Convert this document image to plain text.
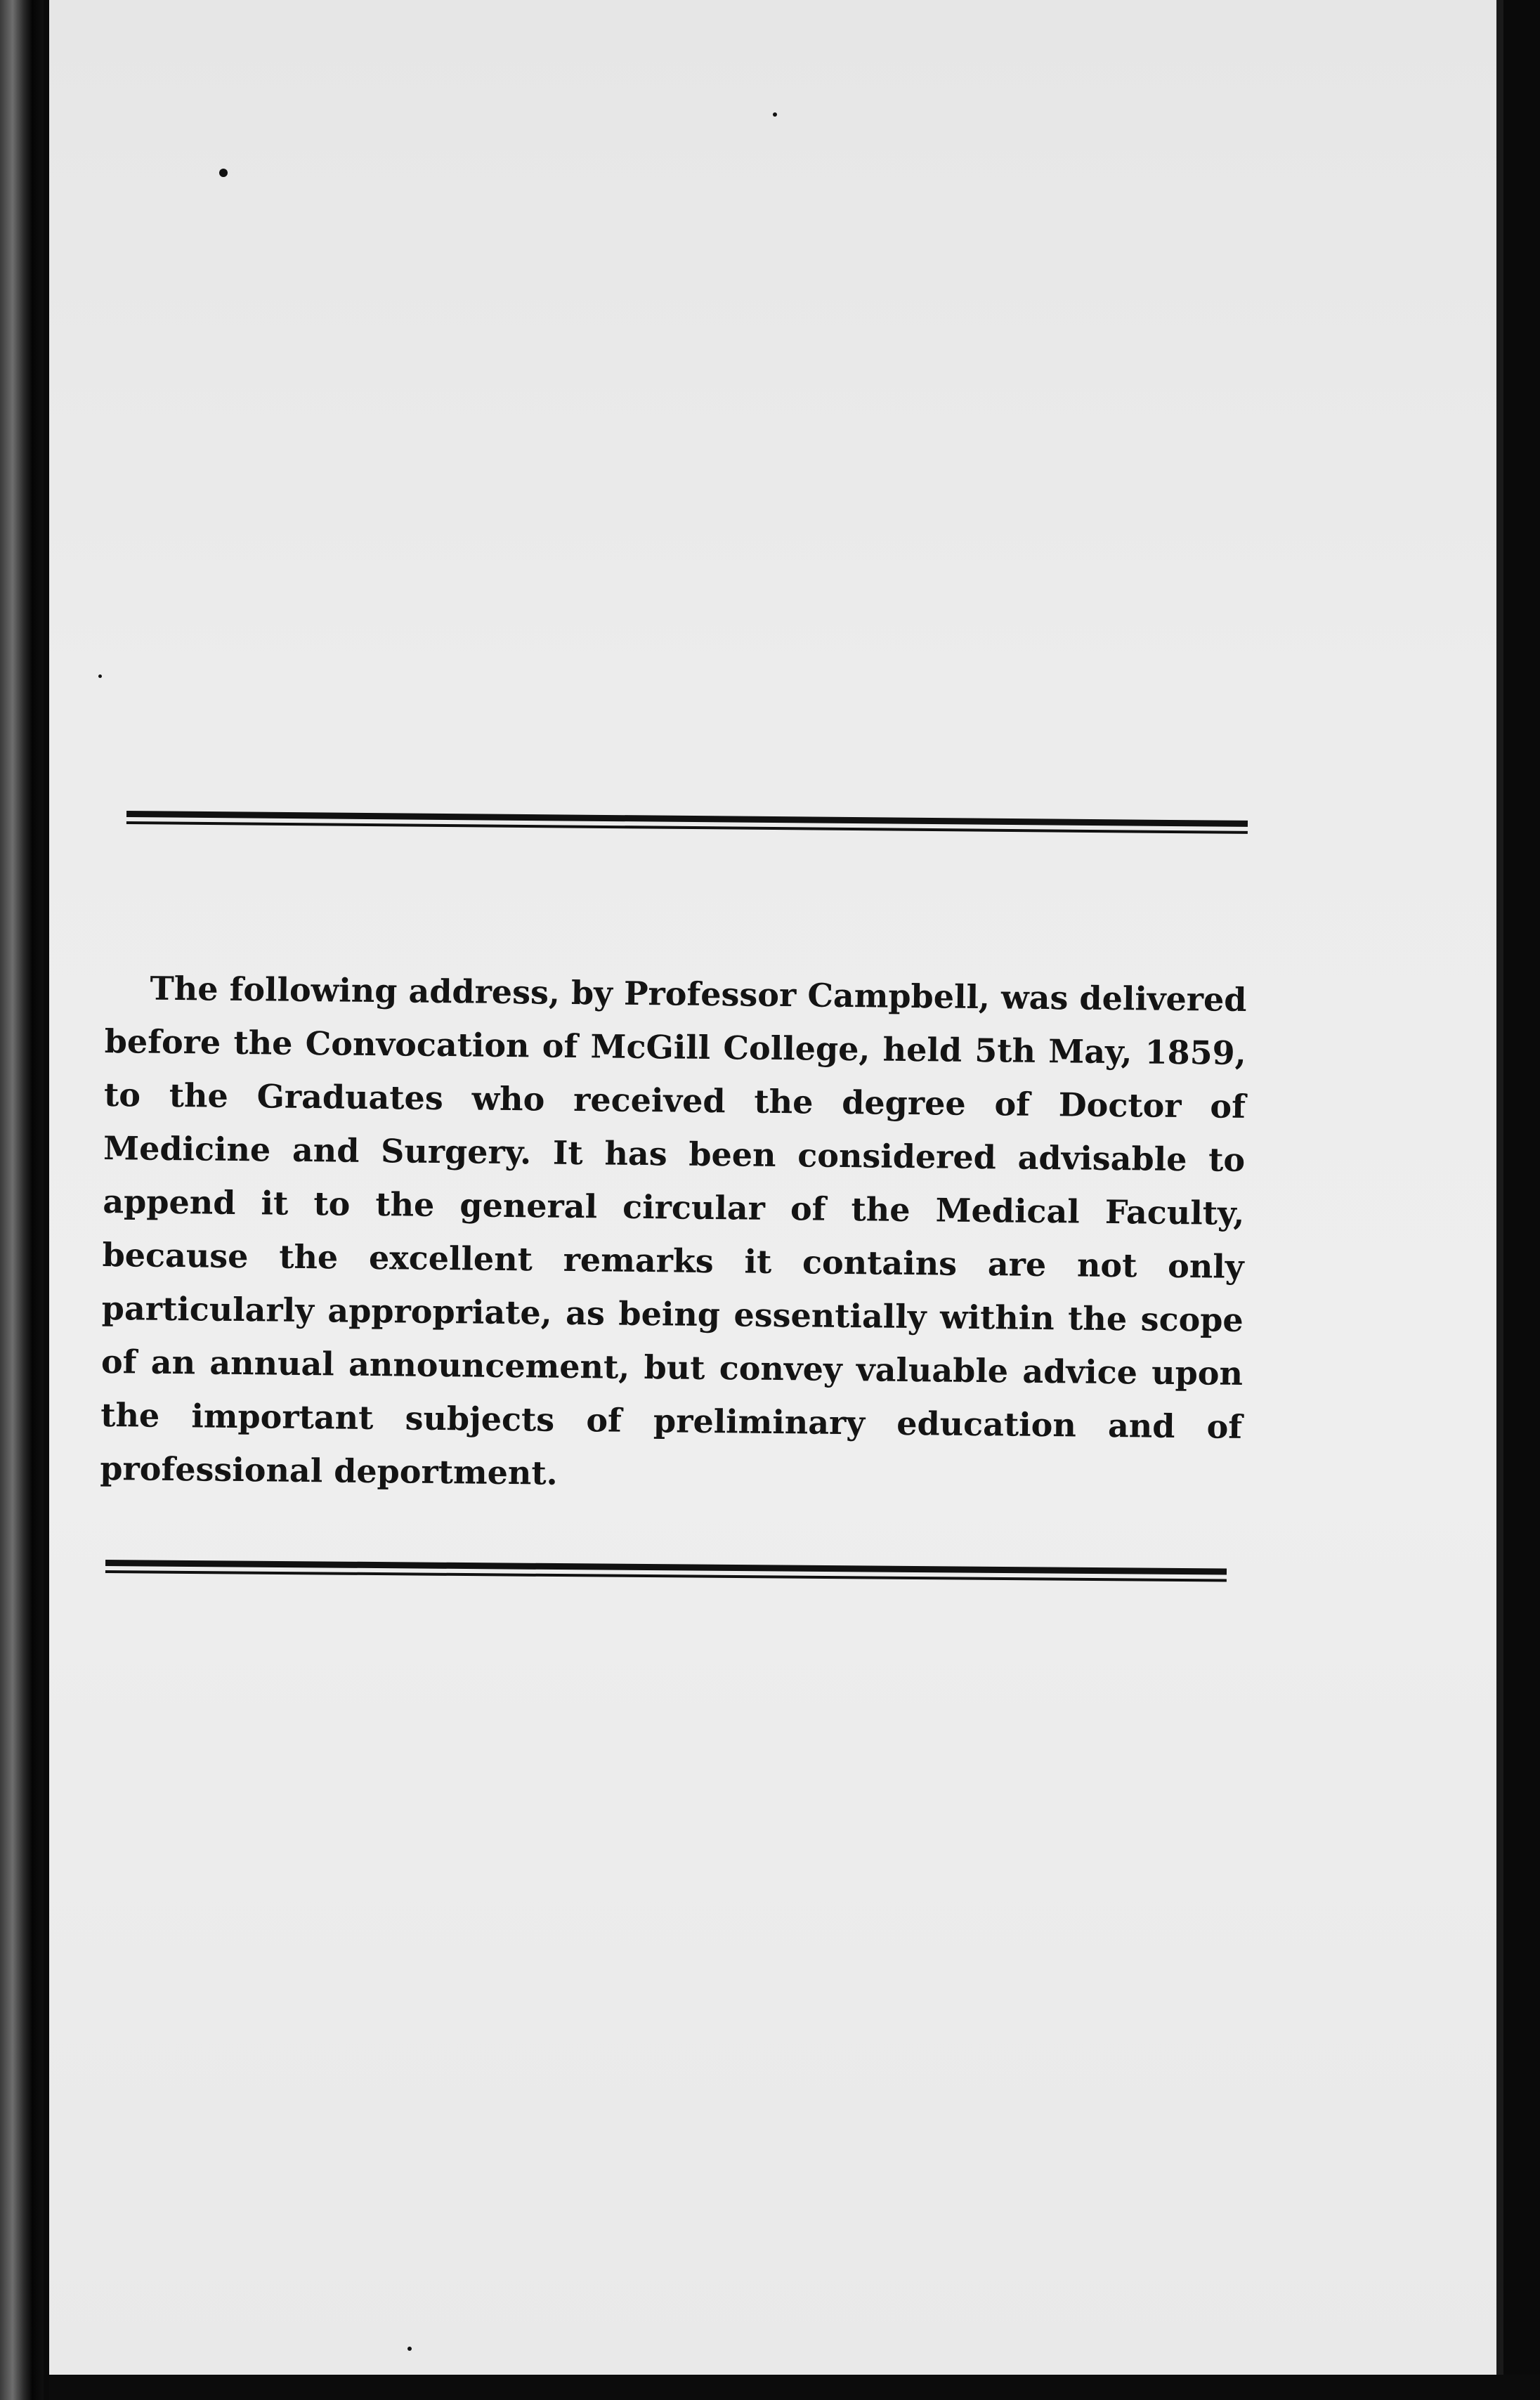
The following address, by Professor Campbell, was delivered before the Convocation of McGill College, held 5th May, 1859, to the Graduates who received the degree of Doctor of Medicine and Surgery. It has been considered advisable to append it to the general circular of the Medical Faculty, because the excellent remarks it contains are not only particularly appropriate, as being essentially within the scope of an annual announcement, but convey valuable advice upon the important subjects of preliminary education and of professional deportment.
